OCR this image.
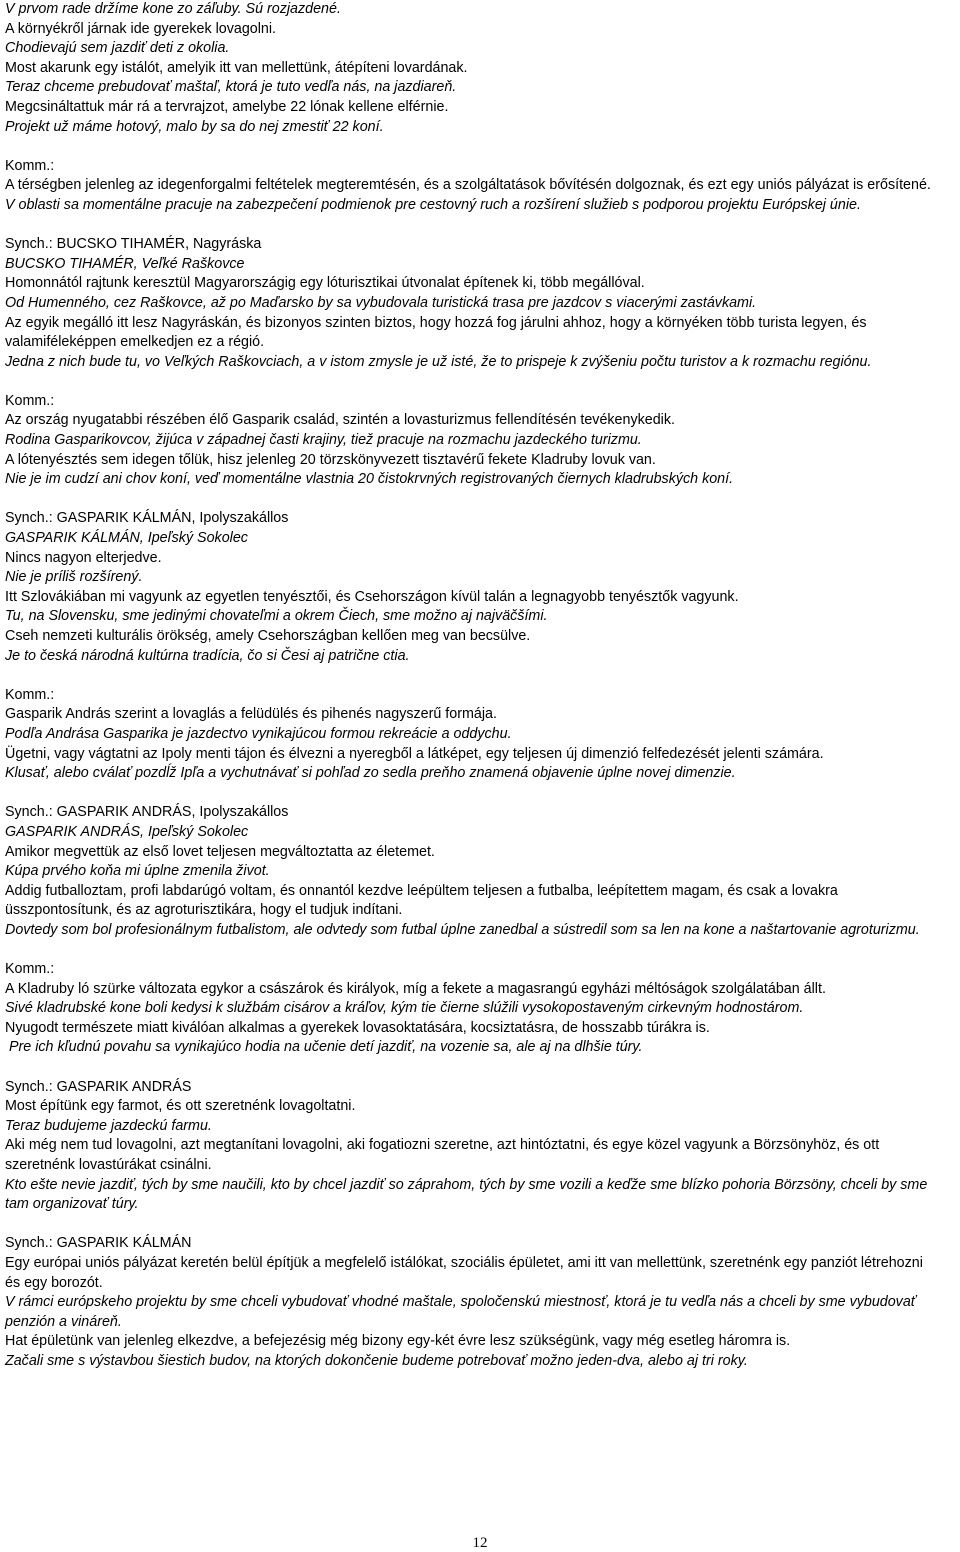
V prvom rade držíme kone zo záľuby. Sú rozjazdené.
A környékről járnak ide gyerekek lovagolni.
Chodievajú sem jazdiť deti z okolia.
Most akarunk egy istálót, amelyik itt van mellettünk, átépíteni lovardának.
Teraz chceme prebudovať maštaľ, ktorá je tuto vedľa nás, na jazdiareň.
Megcsináltattuk már rá a tervrajzot, amelybe 22 lónak kellene elférnie.
Projekt už máme hotový, malo by sa do nej zmestiť 22 koní.
Komm.:
A térségben jelenleg az idegenforgalmi feltételek megteremtésén, és a szolgáltatások bővítésén dolgoznak, és ezt egy uniós pályázat is erősítené.
V oblasti sa momentálne pracuje na zabezpečení podmienok pre cestovný ruch a rozšírení služieb s podporou projektu Európskej únie.
Synch.: BUCSKO TIHAMÉR, Nagyráska
BUCSKO TIHAMÉR, Veľké Raškovce
Homonnától rajtunk keresztül Magyarországig egy lóturisztikai útvonalat építenek ki, több megállóval.
Od Humenného, cez Raškovce, až po Maďarsko by sa vybudovala turistická trasa pre jazdcov s viacerými zastávkami.
Az egyik megálló itt lesz Nagyráskán, és bizonyos szinten biztos, hogy hozzá fog járulni ahhoz, hogy a környéken több turista legyen, és valamiféleképpen emelkedjen ez a régió.
Jedna z nich bude tu, vo Veľkých Raškovciach, a v istom zmysle je už isté, že to prispeje k zvýšeniu počtu turistov a k rozmachu regiónu.
Komm.:
Az ország nyugatabbi részében élő Gasparik család, szintén a lovasturizmus fellendítésén tevékenykedik.
Rodina Gasparikovcov, žijúca v západnej časti krajiny, tiež pracuje na rozmachu jazdeckého turizmu.
A lótenyésztés sem idegen tőlük, hisz jelenleg 20 törzskönyvezett tisztavérű fekete Kladruby lovuk van.
Nie je im cudzí ani chov koní, veď momentálne vlastnia 20 čistokrvných registrovaných čiernych kladrubských koní.
Synch.: GASPARIK KÁLMÁN, Ipolyszakállos
GASPARIK KÁLMÁN, Ipeľský Sokolec
Nincs nagyon elterjedve.
Nie je príliš rozšírený.
Itt Szlovákiában mi vagyunk az egyetlen tenyésztői, és Csehországon kívül talán a legnagyobb tenyésztők vagyunk.
Tu, na Slovensku, sme jedinými chovateľmi a okrem Čiech, sme možno aj najväčšími.
Cseh nemzeti kulturális örökség, amely Csehországban kellően meg van becsülve.
Je to česká národná kultúrna tradícia, čo si Česi aj patrične ctia.
Komm.:
Gasparik András szerint a lovaglás a felüdülés és pihenés nagyszerű formája.
Podľa Andrása Gasparika je jazdectvo vynikajúcou formou rekreácie a oddychu.
Ügetni, vagy vágtatni az Ipoly menti tájon és élvezni a nyeregből a látképet, egy teljesen új dimenzió felfedezését jelenti számára.
Klusať, alebo cválať pozdĺž Ipľa a vychutnávať si pohľad zo sedla preňho znamená objavenie úplne novej dimenzie.
Synch.: GASPARIK ANDRÁS, Ipolyszakállos
GASPARIK ANDRÁS, Ipeľský Sokolec
Amikor megvettük az első lovet teljesen megváltoztatta az életemet.
Kúpa prvého koňa mi úplne zmenila život.
Addig futballoztam, profi labdarúgó voltam, és onnantól kezdve leépültem teljesen a futbalba, leépítettem magam, és csak a lovakra üsszpontosítunk, és az agroturisztikára, hogy el tudjuk indítani.
Dovtedy som bol profesionálnym futbalistom, ale odvtedy som futbal úplne zanedbal a sústredil som sa len na kone a naštartovanie agroturizmu.
Komm.:
A Kladruby ló szürke változata egykor a császárok és királyok, míg a fekete a magasrangú egyházi méltóságok szolgálatában állt.
Sivé kladrubské kone boli kedysi k službám cisárov a kráľov, kým tie čierne slúžili vysokopostaveným cirkevným hodnostárom.
Nyugodt természete miatt kiválóan alkalmas a gyerekek lovasoktatására, kocsiztatásra, de hosszabb túrákra is.
Pre ich kľudnú povahu sa vynikajúco hodia na učenie detí jazdiť, na vozenie sa, ale aj na dlhšie túry.
Synch.: GASPARIK ANDRÁS
Most építünk egy farmot, és ott szeretnénk lovagoltatni.
Teraz budujeme jazdeckú farmu.
Aki még nem tud lovagolni, azt megtanítani lovagolni, aki fogatiozni szeretne, azt hintóztatni, és egye közel vagyunk a Börzsönyhöz, és ott szeretnénk lovastúrákat csinálni.
Kto ešte nevie jazdiť, tých by sme naučili, kto by chcel jazdiť so záprahom, tých by sme vozili a keďže sme blízko pohoria Börzsöny, chceli by sme tam organizovať túry.
Synch.: GASPARIK KÁLMÁN
Egy európai uniós pályázat keretén belül építjük a megfelelő istálókat, szociális épületet, ami itt van mellettünk, szeretnénk egy panziót létrehozni és egy borozót.
V rámci európskeho projektu by sme chceli vybudovať vhodné maštale, spoločenskú miestnosť, ktorá je tu vedľa nás a chceli by sme vybudovať penzión a vináreň.
Hat épületünk van jelenleg elkezdve, a befejezésig még bizony egy-két évre lesz szükségünk, vagy még esetleg háromra is.
Začali sme s výstavbou šiestich budov, na ktorých dokončenie budeme potrebovať možno jeden-dva, alebo aj tri roky.
12
